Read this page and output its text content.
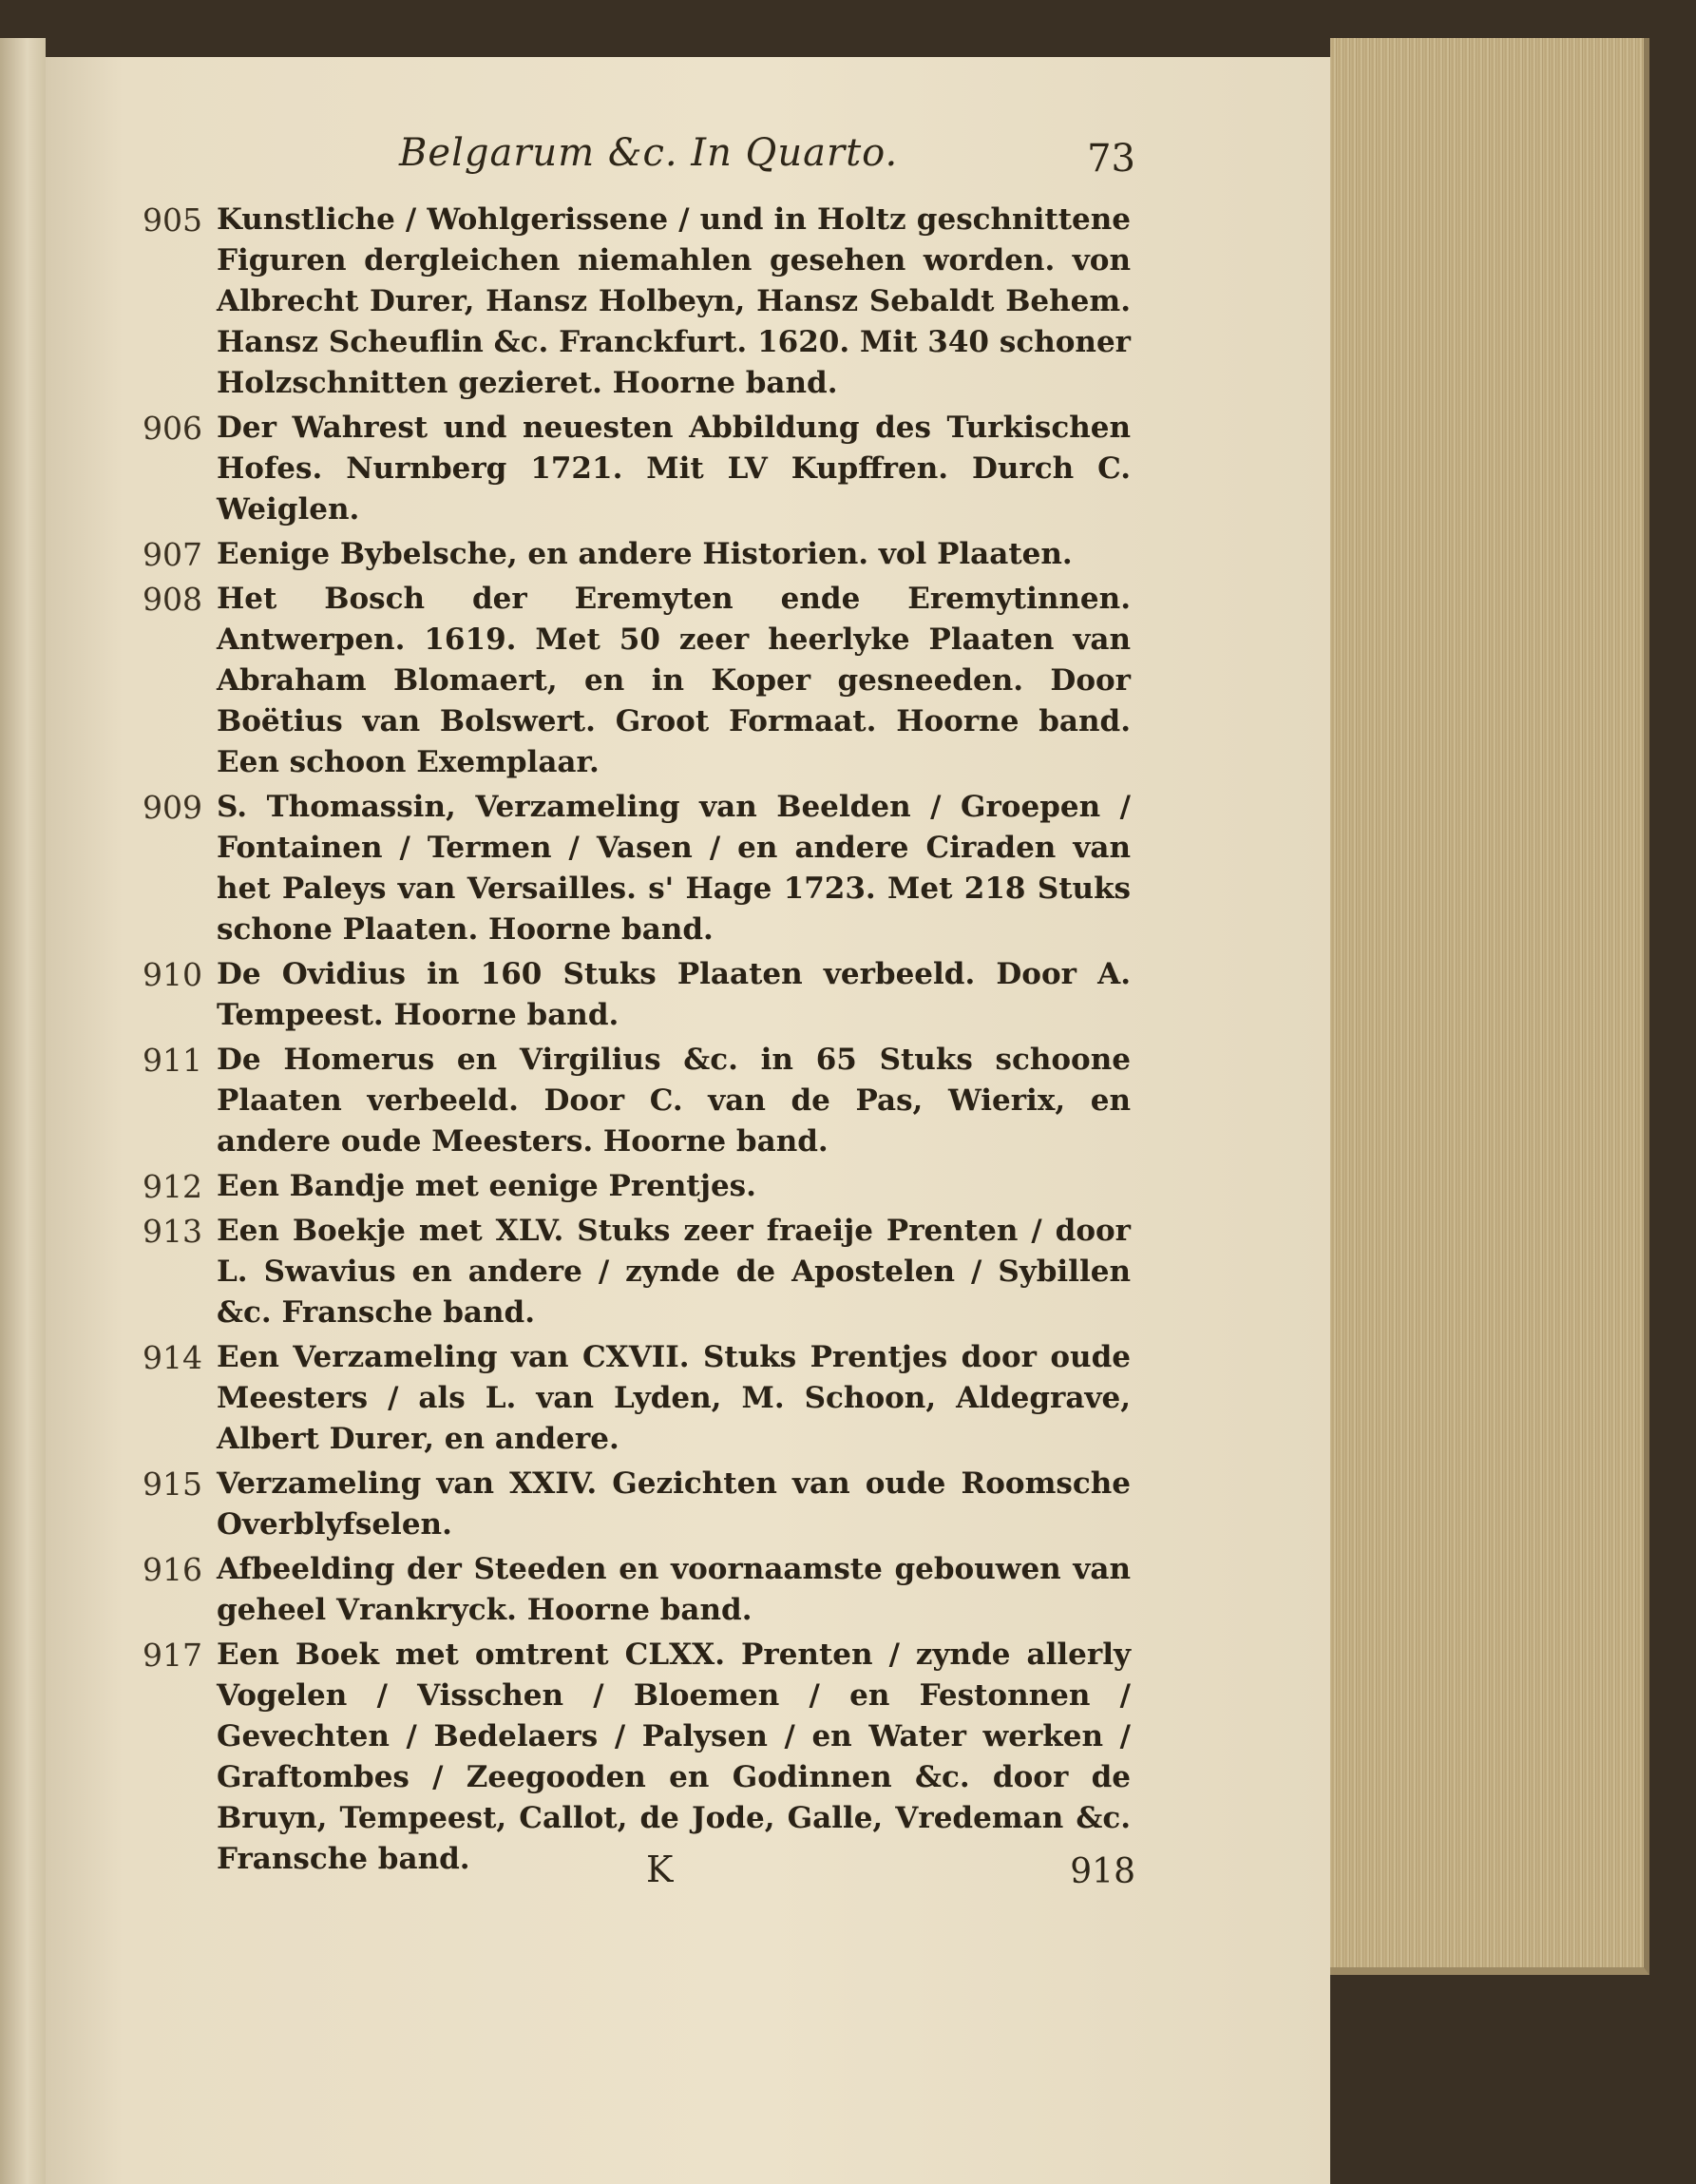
Belgarum &c. In Quarto.	73
905 Kunstliche / Wohlgerissene / und in Holtz geschnittene Figuren dergleichen niemahlen gesehen worden. von Albrecht Durer, Hansz Holbeyn, Hansz Sebaldt Behem. Hansz Scheuflin &c. Franckfurt. 1620. Mit 340 schoner Holzschnitten gezieret. Hoorne band.
906 Der Wahrest und neuesten Abbildung des Turkischen Hofes. Nurnberg 1721. Mit LV Kupffren. Durch C. Weiglen.
907 Eenige Bybelsche, en andere Historien. vol Plaaten.
908 Het Bosch der Eremyten ende Eremytinnen. Antwerpen. 1619. Met 50 zeer heerlyke Plaaten van Abraham Blomaert, en in Koper gesneeden. Door Boëtius van Bolswert. Groot Formaat. Hoorne band. Een schoon Exemplaar.
909 S. Thomassin, Verzameling van Beelden / Groepen / Fontainen / Termen / Vasen / en andere Ciraden van het Paleys van Versailles. s' Hage 1723. Met 218 Stuks schone Plaaten. Hoorne band.
910 De Ovidius in 160 Stuks Plaaten verbeeld. Door A. Tempeest. Hoorne band.
911 De Homerus en Virgilius &c. in 65 Stuks schoone Plaaten verbeeld. Door C. van de Pas, Wierix, en andere oude Meesters. Hoorne band.
912 Een Bandje met eenige Prentjes.
913 Een Boekje met XLV. Stuks zeer fraeije Prenten / door L. Swavius en andere / zynde de Apostelen / Sybillen &c. Fransche band.
914 Een Verzameling van CXVII. Stuks Prentjes door oude Meesters / als L. van Lyden, M. Schoon, Aldegrave, Albert Durer, en andere.
915 Verzameling van XXIV. Gezichten van oude Roomsche Overblyfselen.
916 Afbeelding der Steeden en voornaamste gebouwen van geheel Vrankryck. Hoorne band.
917 Een Boek met omtrent CLXX. Prenten / zynde allerly Vogelen / Visschen / Bloemen / en Festonnen / Gevechten / Bedelaers / Palysen / en Water werken / Graftombes / Zeegooden en Godinnen &c. door de Bruyn, Tempeest, Callot, de Jode, Galle, Vredeman &c. Fransche band.	K	918
